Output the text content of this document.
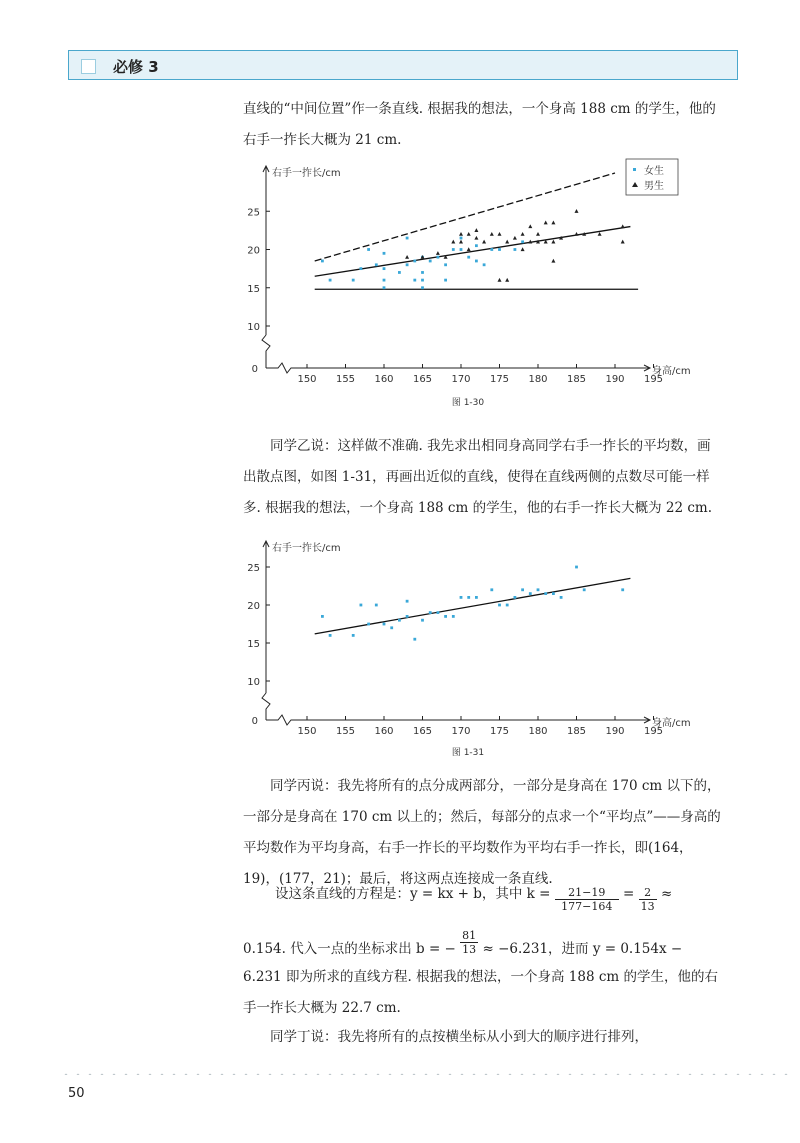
必修 3

直线的“中间位置”作一条直线. 根据我的想法，一个身高 188 cm 的学生，他的右手一拃长大概为 21 cm.

0
10
15
20
25
150 155 160 165 170 175 180 185 190 195
右手一拃长/cm
身高/cm
女生
男生
图 1-30

同学乙说：这样做不准确. 我先求出相同身高同学右手一拃长的平均数，画出散点图，如图 1-31，再画出近似的直线，使得在直线两侧的点数尽可能一样多. 根据我的想法，一个身高 188 cm 的学生，他的右手一拃长大概为 22 cm.

0
10
15
20
25
150 155 160 165 170 175 180 185 190 195
右手一拃长/cm
身高/cm
图 1-31

同学丙说：我先将所有的点分成两部分，一部分是身高在 170 cm 以下的，一部分是身高在 170 cm 以上的；然后，每部分的点求一个“平均点”——身高的平均数作为平均身高，右手一拃长的平均数作为平均右手一拃长，即(164，19)，(177，21)；最后，将这两点连接成一条直线.

设这条直线的方程是：y = kx + b，其中 $k = \frac{21-19}{177-164} = \frac{2}{13}$ ≈
0.154. 代入一点的坐标求出 b = − $\frac{81}{13} \approx -6.231$，进而 y = 0.154x −

6.231 即为所求的直线方程. 根据我的想法，一个身高 188 cm 的学生，他的右手一拃长大概为 22.7 cm.

同学丁说：我先将所有的点按横坐标从小到大的顺序进行排列，

50
